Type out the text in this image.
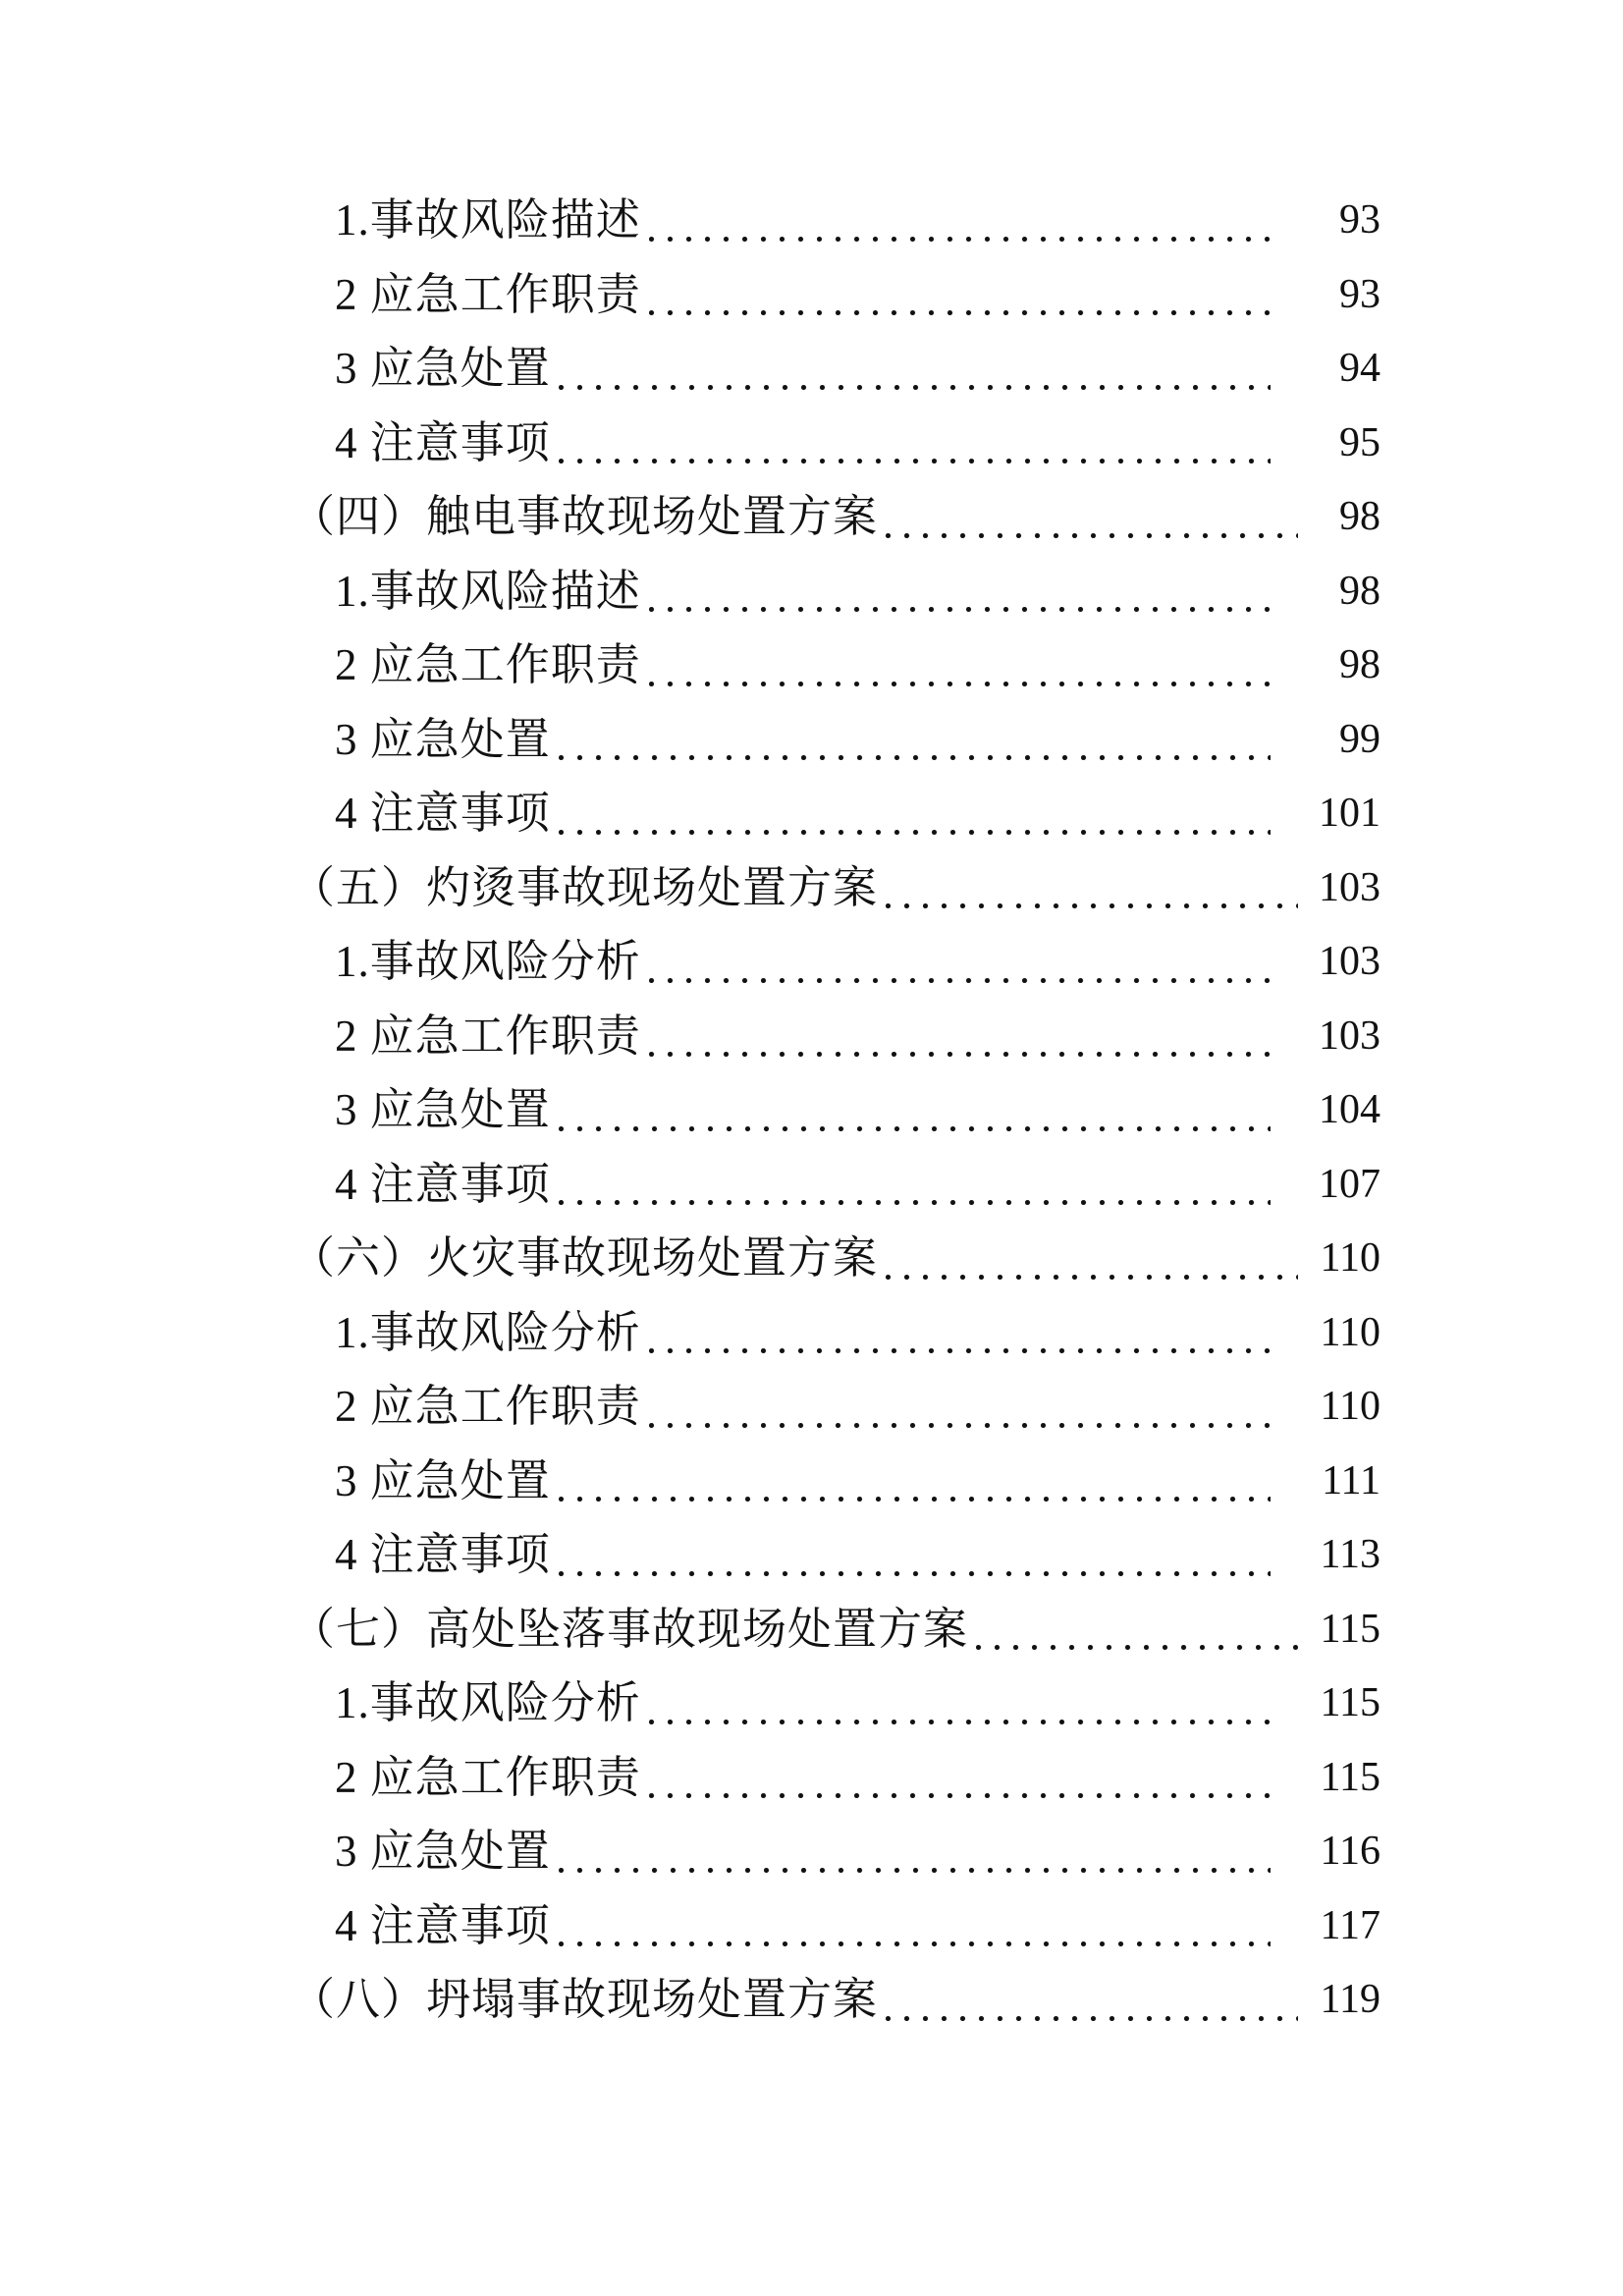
1.事故风险描述	93
2 应急工作职责	93
3 应急处置	94
4 注意事项	95
（四）触电事故现场处置方案	98
1.事故风险描述	98
2 应急工作职责	98
3 应急处置	99
4 注意事项	101
（五）灼烫事故现场处置方案	103
1.事故风险分析	103
2 应急工作职责	103
3 应急处置	104
4 注意事项	107
（六）火灾事故现场处置方案	110
1.事故风险分析	110
2 应急工作职责	110
3 应急处置	111
4 注意事项	113
（七）高处坠落事故现场处置方案	115
1.事故风险分析	115
2 应急工作职责	115
3 应急处置	116
4 注意事项	117
（八）坍塌事故现场处置方案	119
